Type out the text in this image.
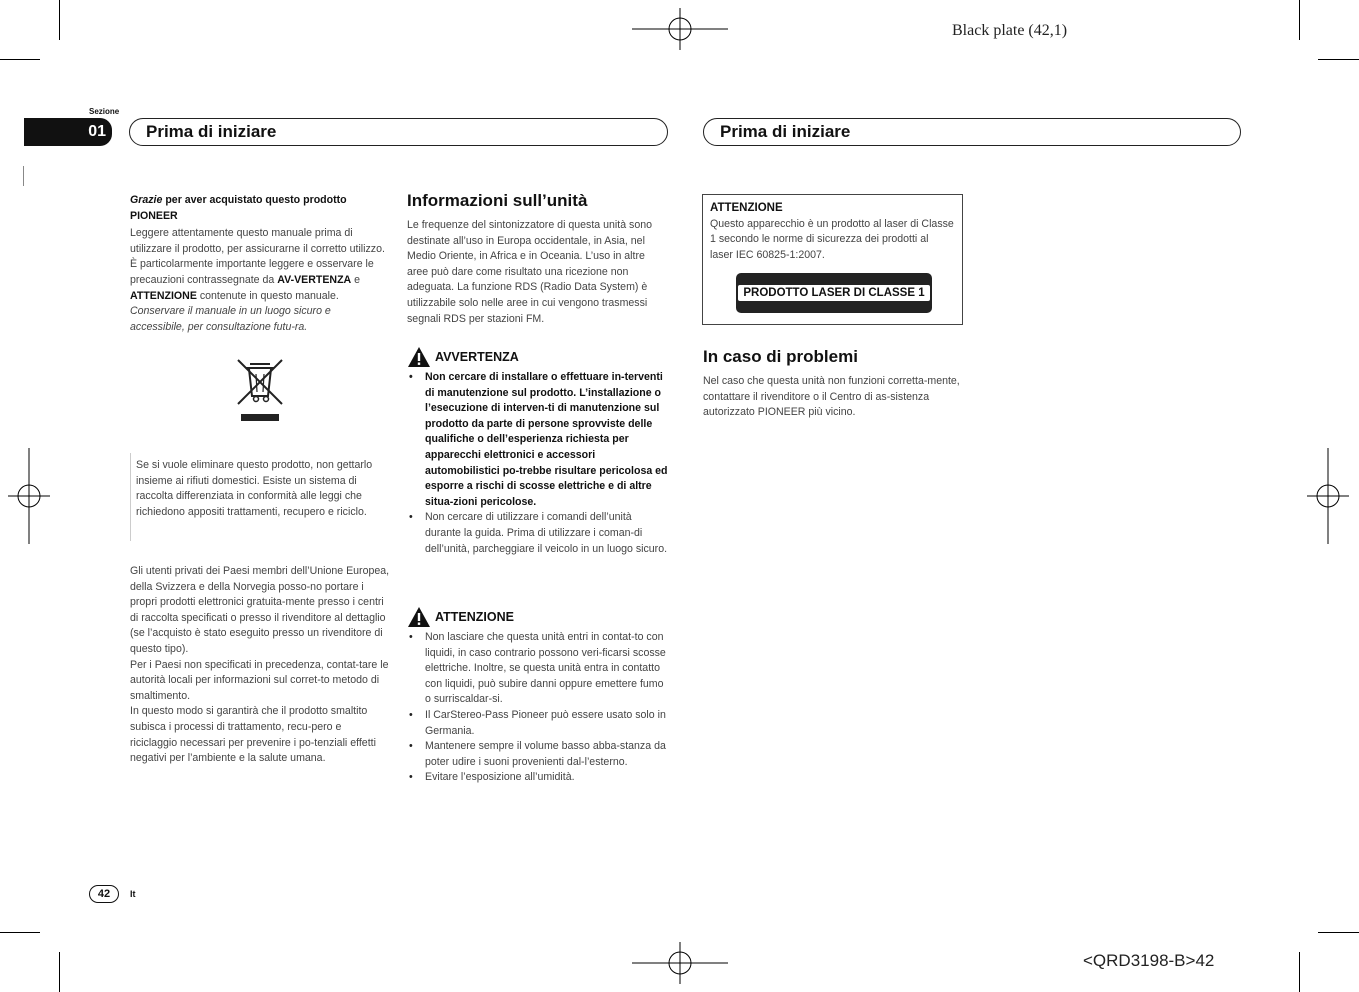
Black plate (42,1)
<QRD3198-B>42
Sezione
01	Prima di iniziare	Prima di iniziare
Grazie per aver acquistato questo prodotto PIONEER
Leggere attentamente questo manuale prima di utilizzare il prodotto, per assicurarne il corretto utilizzo. È particolarmente importante leggere e osservare le precauzioni contrassegnate da AV-VERTENZA e ATTENZIONE contenute in questo manuale. Conservare il manuale in un luogo sicuro e accessibile, per consultazione futu-ra.
Se si vuole eliminare questo prodotto, non gettarlo insieme ai rifiuti domestici. Esiste un sistema di raccolta differenziata in conformità alle leggi che richiedono appositi trattamenti, recupero e riciclo.
Gli utenti privati dei Paesi membri dell’Unione Europea, della Svizzera e della Norvegia posso-no portare i propri prodotti elettronici gratuita-mente presso i centri di raccolta specificati o presso il rivenditore al dettaglio (se l’acquisto è stato eseguito presso un rivenditore di questo tipo).
Per i Paesi non specificati in precedenza, contat-tare le autorità locali per informazioni sul corret-to metodo di smaltimento.
In questo modo si garantirà che il prodotto smaltito subisca i processi di trattamento, recu-pero e riciclaggio necessari per prevenire i po-tenziali effetti negativi per l’ambiente e la salute umana.
Informazioni sull’unità
Le frequenze del sintonizzatore di questa unità sono destinate all’uso in Europa occidentale, in Asia, nel Medio Oriente, in Africa e in Oceania. L’uso in altre aree può dare come risultato una ricezione non adeguata. La funzione RDS (Radio Data System) è utilizzabile solo nelle aree in cui vengono trasmessi segnali RDS per stazioni FM.
AVVERTENZA
• Non cercare di installare o effettuare in-terventi di manutenzione sul prodotto. L’installazione o l’esecuzione di interven-ti di manutenzione sul prodotto da parte di persone sprovviste delle qualifiche o dell’esperienza richiesta per apparecchi elettronici e accessori automobilistici po-trebbe risultare pericolosa ed esporre a rischi di scosse elettriche e di altre situa-zioni pericolose.
• Non cercare di utilizzare i comandi dell’unità durante la guida. Prima di utilizzare i coman-di dell’unità, parcheggiare il veicolo in un luogo sicuro.
ATTENZIONE
• Non lasciare che questa unità entri in contat-to con liquidi, in caso contrario possono veri-ficarsi scosse elettriche. Inoltre, se questa unità entra in contatto con liquidi, può subire danni oppure emettere fumo o surriscaldar-si.
• Il CarStereo-Pass Pioneer può essere usato solo in Germania.
• Mantenere sempre il volume basso abba-stanza da poter udire i suoni provenienti dal-l’esterno.
• Evitare l’esposizione all’umidità.
ATTENZIONE
Questo apparecchio è un prodotto al laser di Classe 1 secondo le norme di sicurezza dei prodotti al laser IEC 60825-1:2007.
PRODOTTO LASER DI CLASSE 1
In caso di problemi
Nel caso che questa unità non funzioni corretta-mente, contattare il rivenditore o il Centro di as-sistenza autorizzato PIONEER più vicino.
42	It
